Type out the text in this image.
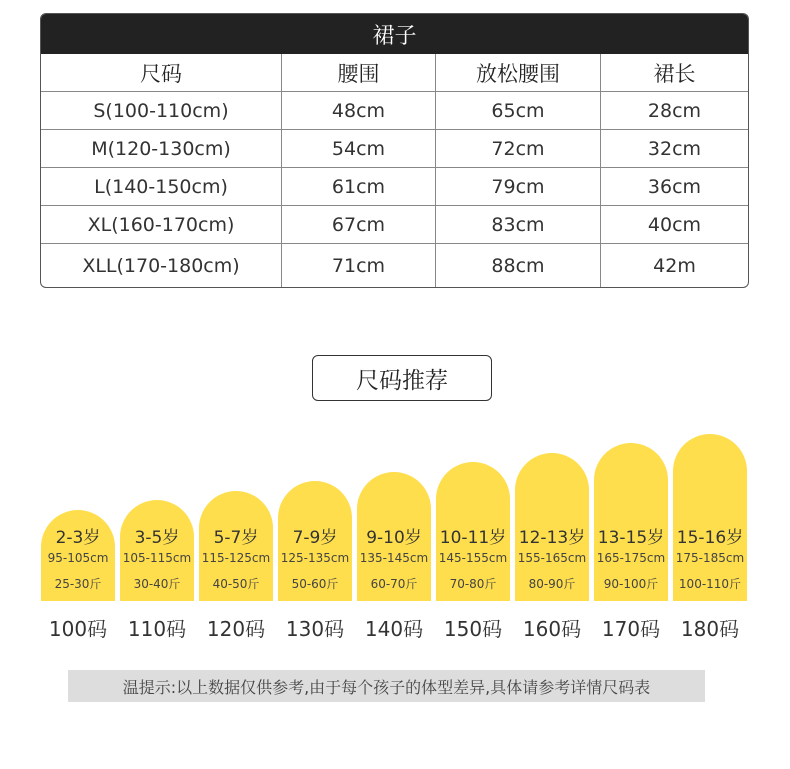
裙子
尺码	腰围	放松腰围	裙长
S(100-110cm)	48cm	65cm	28cm
M(120-130cm)	54cm	72cm	32cm
L(140-150cm)	61cm	79cm	36cm
XL(160-170cm)	67cm	83cm	40cm
XLL(170-180cm)	71cm	88cm	42m
尺码推荐
2-3岁
95-105cm
25-30斤
100码
3-5岁
105-115cm
30-40斤
110码
5-7岁
115-125cm
40-50斤
120码
7-9岁
125-135cm
50-60斤
130码
9-10岁
135-145cm
60-70斤
140码
10-11岁
145-155cm
70-80斤
150码
12-13岁
155-165cm
80-90斤
160码
13-15岁
165-175cm
90-100斤
170码
15-16岁
175-185cm
100-110斤
180码
温提示:以上数据仅供参考,由于每个孩子的体型差异,具体请参考详情尺码表
